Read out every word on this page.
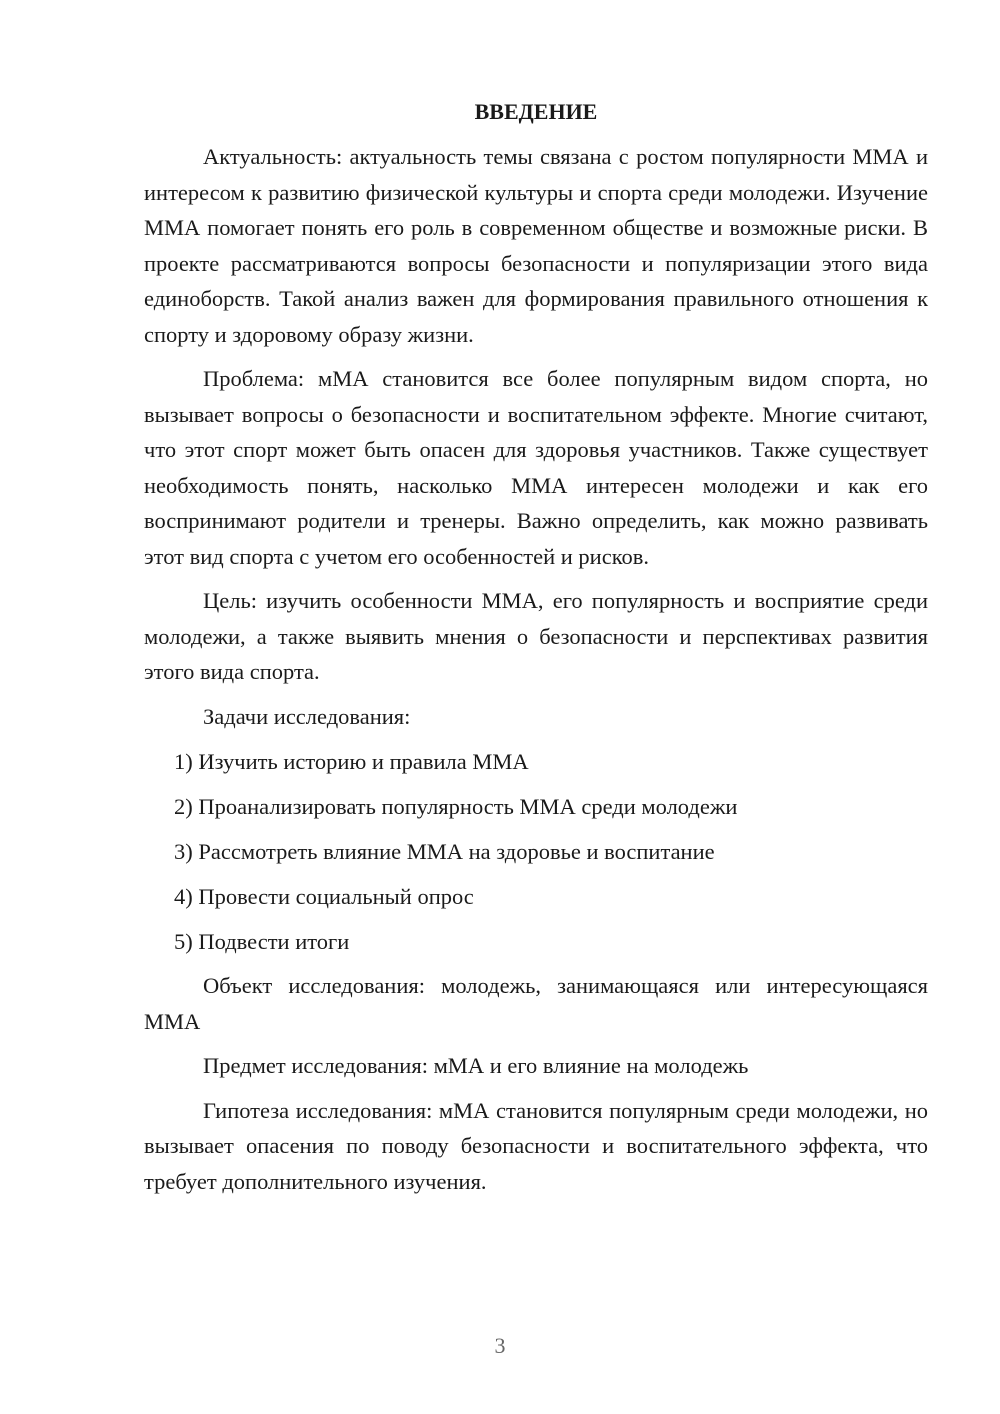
ВВЕДЕНИЕ

Актуальность: актуальность темы связана с ростом популярности ММА и интересом к развитию физической культуры и спорта среди молодежи. Изучение ММА помогает понять его роль в современном обществе и возможные риски. В проекте рассматриваются вопросы безопасности и популяризации этого вида единоборств. Такой анализ важен для формирования правильного отношения к спорту и здоровому образу жизни.

Проблема: мМА становится все более популярным видом спорта, но вызывает вопросы о безопасности и воспитательном эффекте. Многие считают, что этот спорт может быть опасен для здоровья участников. Также существует необходимость понять, насколько ММА интересен молодежи и как его воспринимают родители и тренеры. Важно определить, как можно развивать этот вид спорта с учетом его особенностей и рисков.

Цель: изучить особенности ММА, его популярность и восприятие среди молодежи, а также выявить мнения о безопасности и перспективах развития этого вида спорта.

Задачи исследования:

1) Изучить историю и правила ММА
2) Проанализировать популярность ММА среди молодежи
3) Рассмотреть влияние ММА на здоровье и воспитание
4) Провести социальный опрос
5) Подвести итоги

Объект исследования: молодежь, занимающаяся или интересующаяся ММА

Предмет исследования: мМА и его влияние на молодежь

Гипотеза исследования: мМА становится популярным среди молодежи, но вызывает опасения по поводу безопасности и воспитательного эффекта, что требует дополнительного изучения.

3
